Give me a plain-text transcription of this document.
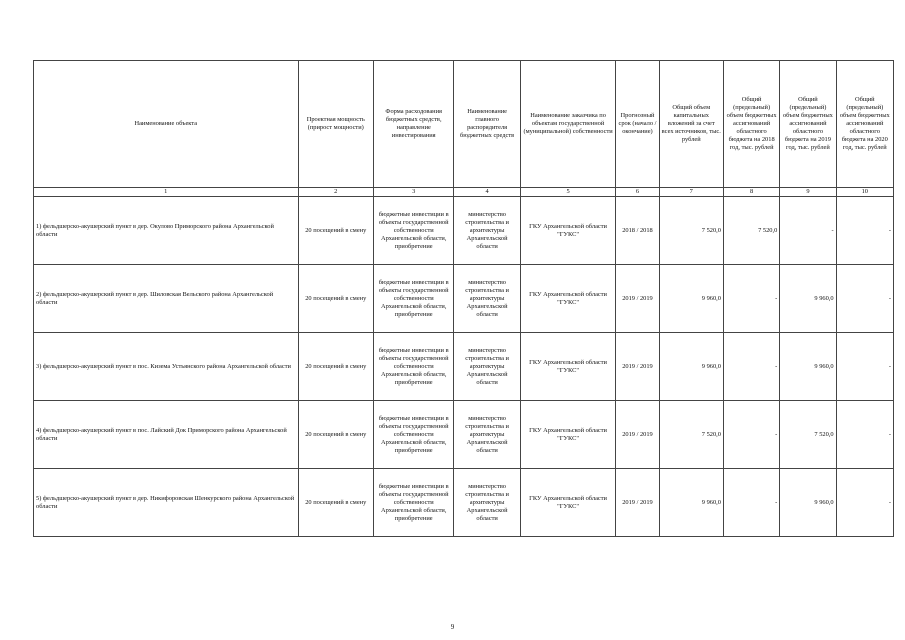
Наименование объекта	Проектная мощность (прирост мощности)	Форма расходования бюджетных средств, направление инвестирования	Наименование главного распорядителя бюджетных средств	Наименование заказчика по объектам государственной (муниципальной) собственности	Прогнозный срок (начало / окончание)	Общий объем капитальных вложений за счет всех источников, тыс. рублей	Общий (предельный) объем бюджетных ассигнований областного бюджета на 2018 год, тыс. рублей	Общий (предельный) объем бюджетных ассигнований областного бюджета на 2019 год, тыс. рублей	Общий (предельный) объем бюджетных ассигнований областного бюджета на 2020 год, тыс. рублей
1	2	3	4	5	6	7	8	9	10
1) фельдшерско-акушерский пункт в дер. Окулово Приморского района Архангельской области	20 посещений в смену	бюджетные инвестиции в объекты государственной собственности Архангельской области, приобретение	министерство строительства и архитектуры Архангельской области	ГКУ Архангельской области "ГУКС"	2018 / 2018	7 520,0	7 520,0	-	-
2) фельдшерско-акушерский пункт в дер. Шиловская Вельского района Архангельской области	20 посещений в смену	бюджетные инвестиции в объекты государственной собственности Архангельской области, приобретение	министерство строительства и архитектуры Архангельской области	ГКУ Архангельской области "ГУКС"	2019 / 2019	9 960,0	-	9 960,0	-
3) фельдшерско-акушерский пункт в пос. Кизема Устьянского района Архангельской области	20 посещений в смену	бюджетные инвестиции в объекты государственной собственности Архангельской области, приобретение	министерство строительства и архитектуры Архангельской области	ГКУ Архангельской области "ГУКС"	2019 / 2019	9 960,0	-	9 960,0	-
4) фельдшерско-акушерский пункт в пос. Лайский Док Приморского района Архангельской области	20 посещений в смену	бюджетные инвестиции в объекты государственной собственности Архангельской области, приобретение	министерство строительства и архитектуры Архангельской области	ГКУ Архангельской области "ГУКС"	2019 / 2019	7 520,0	-	7 520,0	-
5) фельдшерско-акушерский пункт в дер. Никифоровская Шенкурского района Архангельской области	20 посещений в смену	бюджетные инвестиции в объекты государственной собственности Архангельской области, приобретение	министерство строительства и архитектуры Архангельской области	ГКУ Архангельской области "ГУКС"	2019 / 2019	9 960,0	-	9 960,0	-
9
